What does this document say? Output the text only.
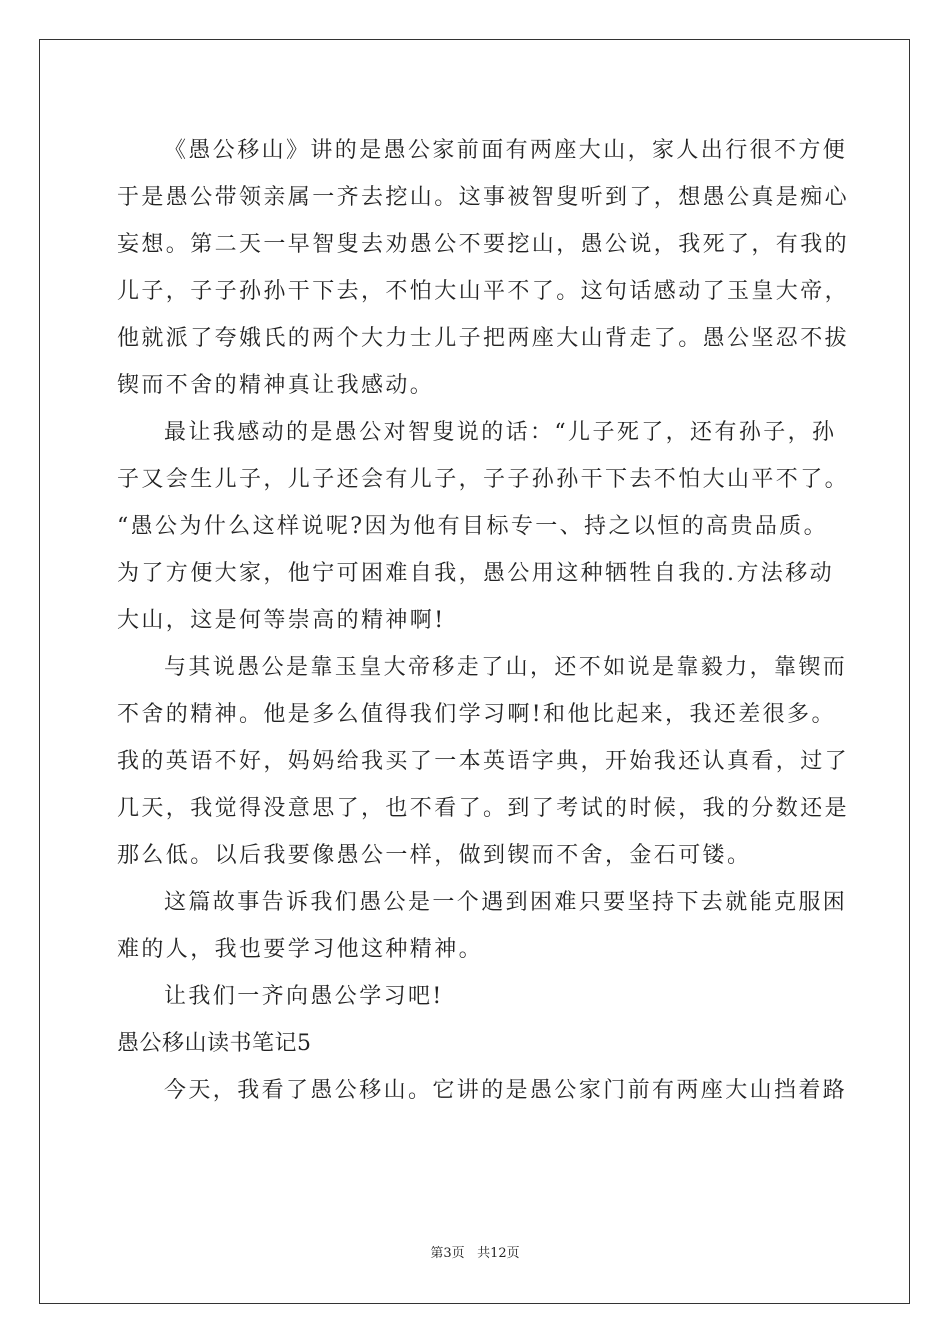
《愚公移山》讲的是愚公家前面有两座大山，家人出行很不方便
于是愚公带领亲属一齐去挖山。这事被智叟听到了，想愚公真是痴心
妄想。第二天一早智叟去劝愚公不要挖山，愚公说，我死了，有我的
儿子，子子孙孙干下去，不怕大山平不了。这句话感动了玉皇大帝，
他就派了夸娥氏的两个大力士儿子把两座大山背走了。愚公坚忍不拔
锲而不舍的精神真让我感动。
最让我感动的是愚公对智叟说的话：“儿子死了，还有孙子，孙
子又会生儿子，儿子还会有儿子，子子孙孙干下去不怕大山平不了。
“愚公为什么这样说呢?因为他有目标专一、持之以恒的高贵品质。
为了方便大家，他宁可困难自我，愚公用这种牺牲自我的.方法移动
大山，这是何等崇高的精神啊!
与其说愚公是靠玉皇大帝移走了山，还不如说是靠毅力，靠锲而
不舍的精神。他是多么值得我们学习啊!和他比起来，我还差很多。
我的英语不好，妈妈给我买了一本英语字典，开始我还认真看，过了
几天，我觉得没意思了，也不看了。到了考试的时候，我的分数还是
那么低。以后我要像愚公一样，做到锲而不舍，金石可镂。
这篇故事告诉我们愚公是一个遇到困难只要坚持下去就能克服困
难的人，我也要学习他这种精神。
让我们一齐向愚公学习吧!
愚公移山读书笔记5
今天，我看了愚公移山。它讲的是愚公家门前有两座大山挡着路
第3页 共12页
